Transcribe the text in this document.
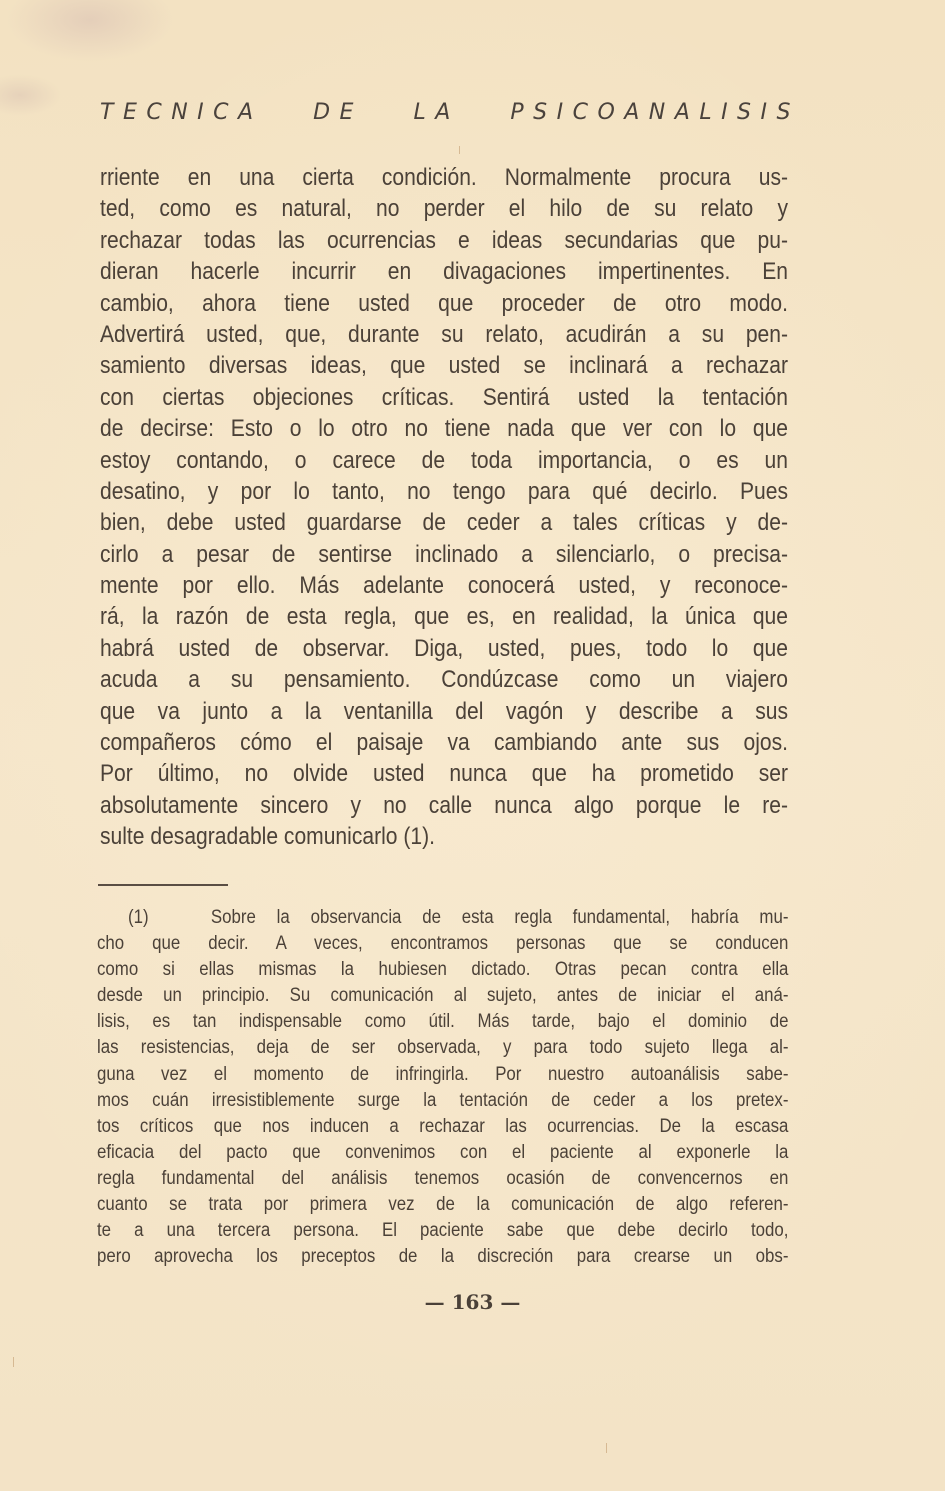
TECNICA DE LA PSICOANALISIS
rriente en una cierta condición. Normalmente procura us-
ted, como es natural, no perder el hilo de su relato y
rechazar todas las ocurrencias e ideas secundarias que pu-
dieran hacerle incurrir en divagaciones impertinentes. En
cambio, ahora tiene usted que proceder de otro modo.
Advertirá usted, que, durante su relato, acudirán a su pen-
samiento diversas ideas, que usted se inclinará a rechazar
con ciertas objeciones críticas. Sentirá usted la tentación
de decirse: Esto o lo otro no tiene nada que ver con lo que
estoy contando, o carece de toda importancia, o es un
desatino, y por lo tanto, no tengo para qué decirlo. Pues
bien, debe usted guardarse de ceder a tales críticas y de-
cirlo a pesar de sentirse inclinado a silenciarlo, o precisa-
mente por ello. Más adelante conocerá usted, y reconoce-
rá, la razón de esta regla, que es, en realidad, la única que
habrá usted de observar. Diga, usted, pues, todo lo que
acuda a su pensamiento. Condúzcase como un viajero
que va junto a la ventanilla del vagón y describe a sus
compañeros cómo el paisaje va cambiando ante sus ojos.
Por último, no olvide usted nunca que ha prometido ser
absolutamente sincero y no calle nunca algo porque le re-
sulte desagradable comunicarlo (1).
(1)	Sobre la observancia de esta regla fundamental, habría mu-
cho que decir. A veces, encontramos personas que se conducen
como si ellas mismas la hubiesen dictado. Otras pecan contra ella
desde un principio. Su comunicación al sujeto, antes de iniciar el aná-
lisis, es tan indispensable como útil. Más tarde, bajo el dominio de
las resistencias, deja de ser observada, y para todo sujeto llega al-
guna vez el momento de infringirla. Por nuestro autoanálisis sabe-
mos cuán irresistiblemente surge la tentación de ceder a los pretex-
tos críticos que nos inducen a rechazar las ocurrencias. De la escasa
eficacia del pacto que convenimos con el paciente al exponerle la
regla fundamental del análisis tenemos ocasión de convencernos en
cuanto se trata por primera vez de la comunicación de algo referen-
te a una tercera persona. El paciente sabe que debe decirlo todo,
pero aprovecha los preceptos de la discreción para crearse un obs-
— 163 —
